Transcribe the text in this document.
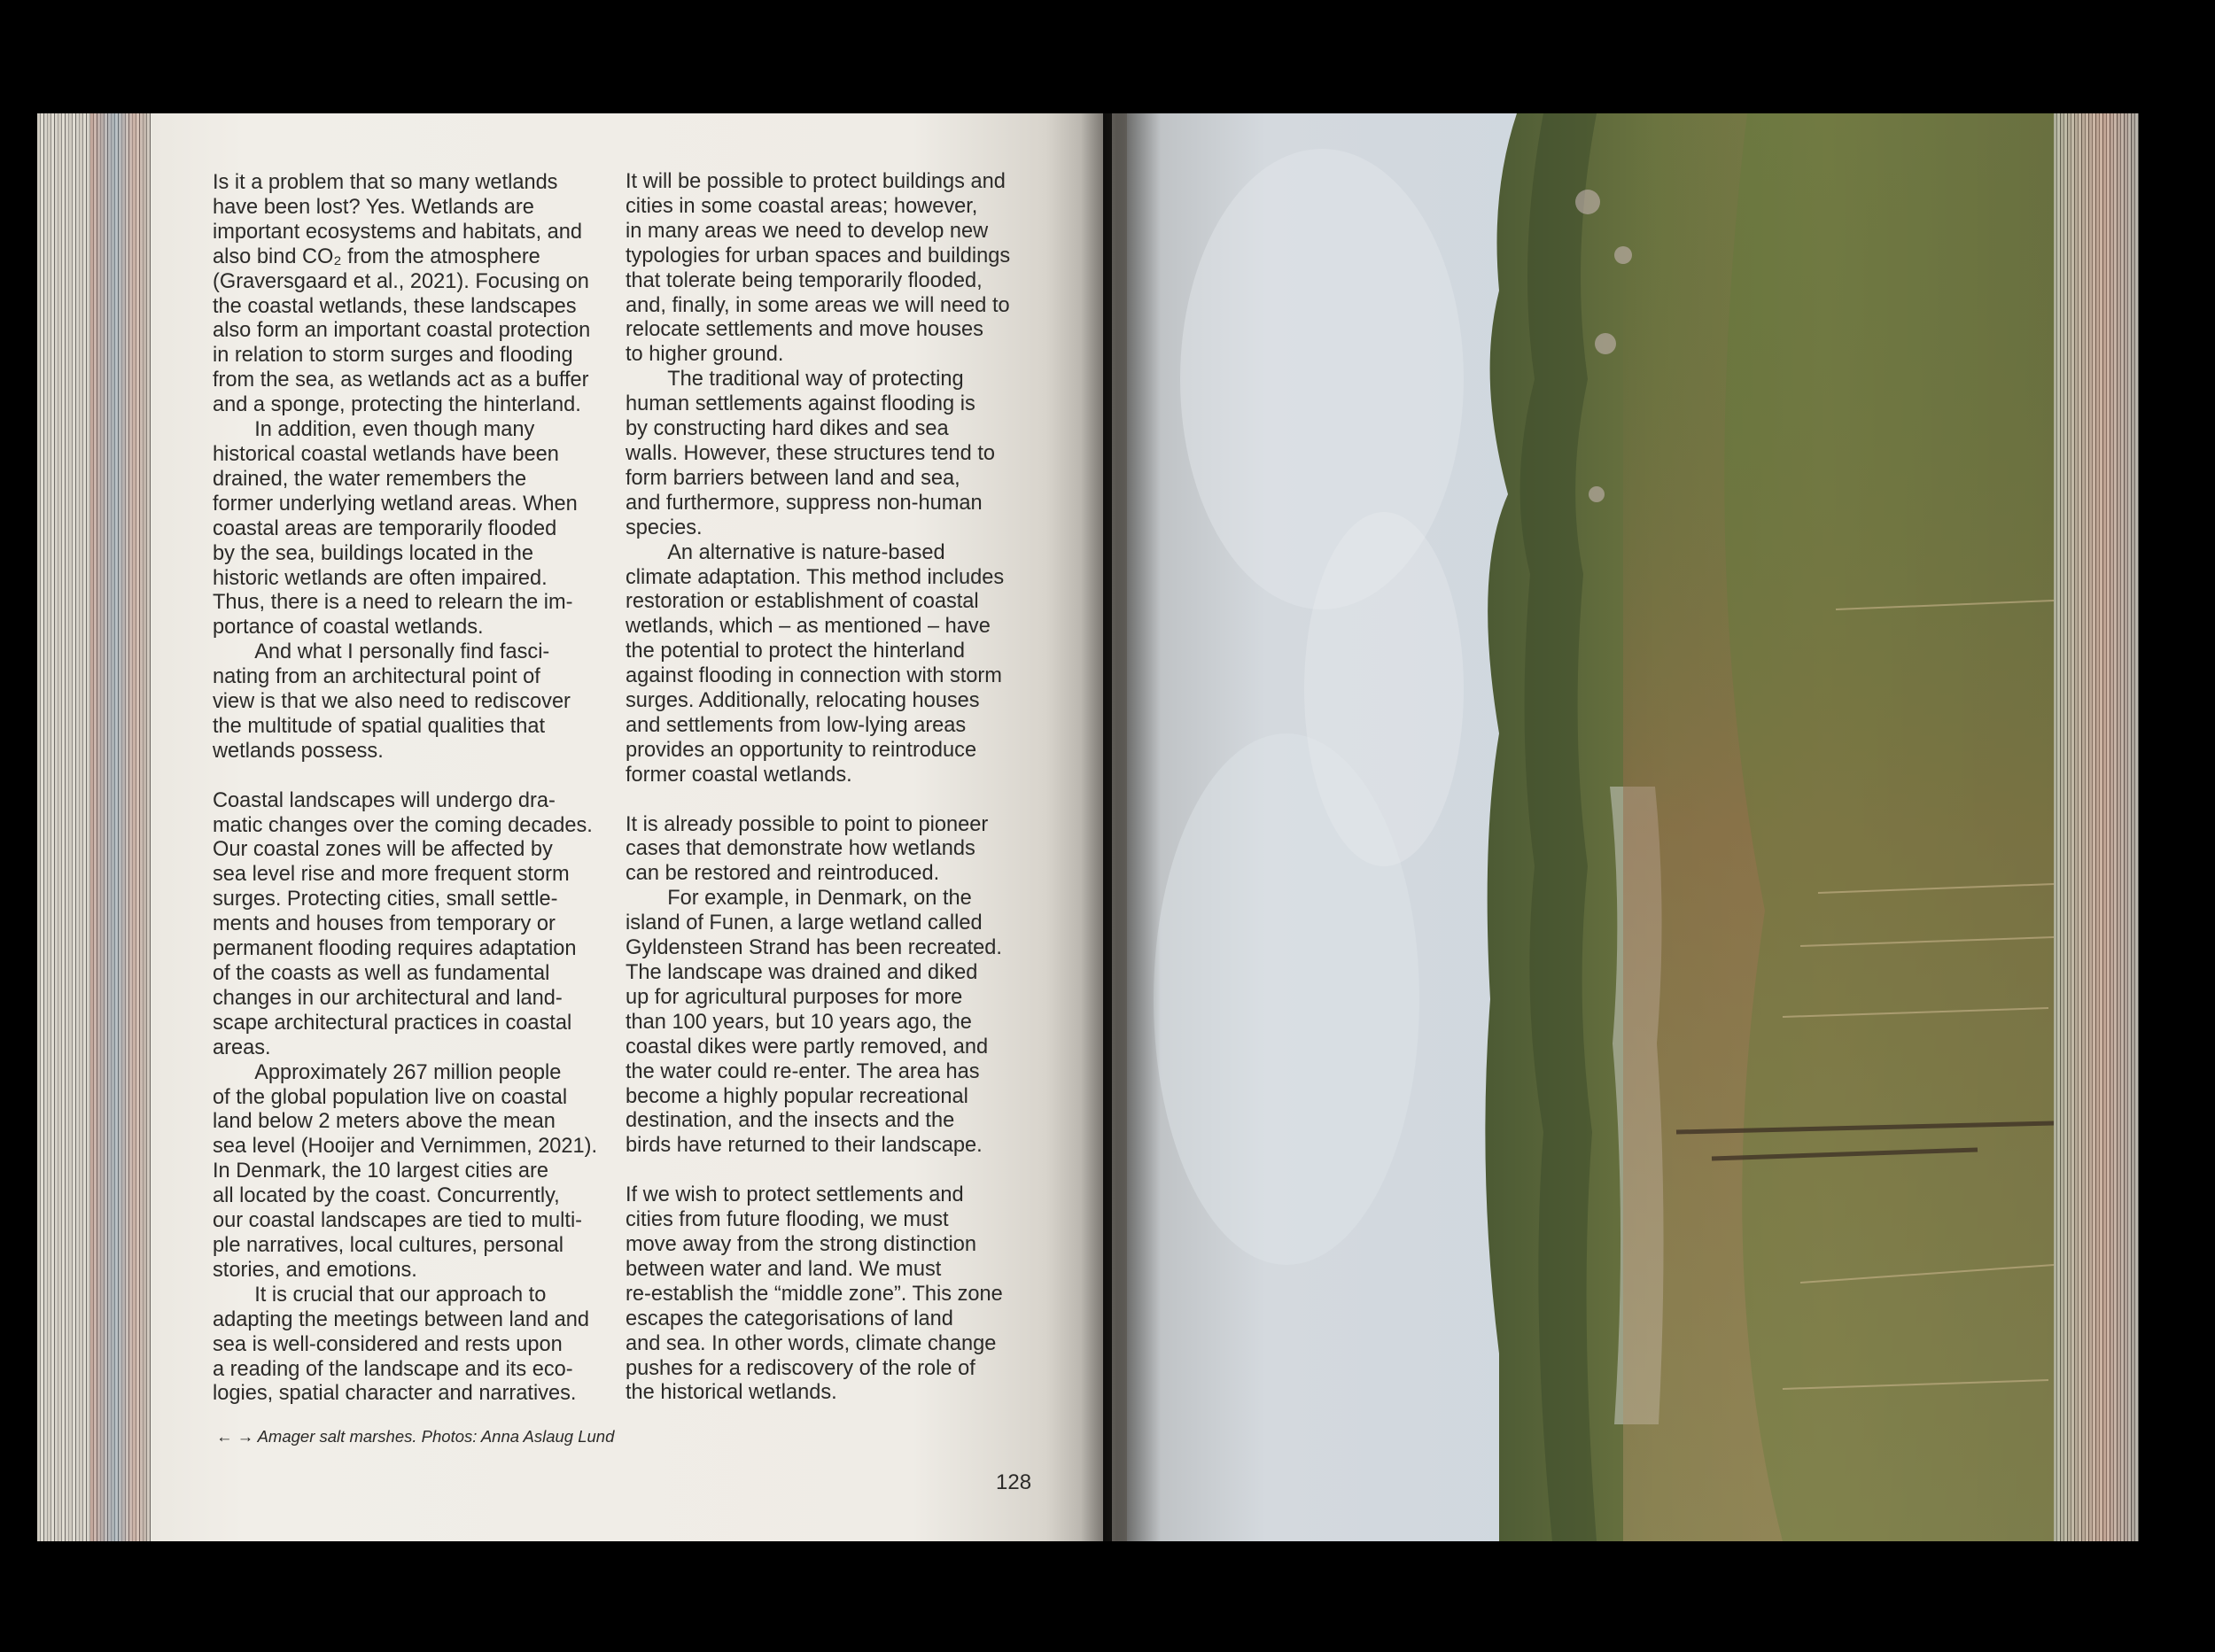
Is it a problem that so many wetlands
have been lost? Yes. Wetlands are
important ecosystems and habitats, and
also bind CO₂ from the atmosphere
(Graversgaard et al., 2021). Focusing on
the coastal wetlands, these landscapes
also form an important coastal protection
in relation to storm surges and flooding
from the sea, as wetlands act as a buffer
and a sponge, protecting the hinterland.
  In addition, even though many
historical coastal wetlands have been
drained, the water remembers the
former underlying wetland areas. When
coastal areas are temporarily flooded
by the sea, buildings located in the
historic wetlands are often impaired.
Thus, there is a need to relearn the im-
portance of coastal wetlands.
  And what I personally find fasci-
nating from an architectural point of
view is that we also need to rediscover
the multitude of spatial qualities that
wetlands possess.

Coastal landscapes will undergo dra-
matic changes over the coming decades.
Our coastal zones will be affected by
sea level rise and more frequent storm
surges. Protecting cities, small settle-
ments and houses from temporary or
permanent flooding requires adaptation
of the coasts as well as fundamental
changes in our architectural and land-
scape architectural practices in coastal
areas.
  Approximately 267 million people
of the global population live on coastal
land below 2 meters above the mean
sea level (Hooijer and Vernimmen, 2021).
In Denmark, the 10 largest cities are
all located by the coast. Concurrently,
our coastal landscapes are tied to multi-
ple narratives, local cultures, personal
stories, and emotions.
  It is crucial that our approach to
adapting the meetings between land and
sea is well-considered and rests upon
a reading of the landscape and its eco-
logies, spatial character and narratives.
It will be possible to protect buildings and
cities in some coastal areas; however,
in many areas we need to develop new
typologies for urban spaces and buildings
that tolerate being temporarily flooded,
and, finally, in some areas we will need to
relocate settlements and move houses
to higher ground.
  The traditional way of protecting
human settlements against flooding is
by constructing hard dikes and sea
walls. However, these structures tend to
form barriers between land and sea,
and furthermore, suppress non-human
species.
  An alternative is nature-based
climate adaptation. This method includes
restoration or establishment of coastal
wetlands, which – as mentioned – have
the potential to protect the hinterland
against flooding in connection with storm
surges. Additionally, relocating houses
and settlements from low-lying areas
provides an opportunity to reintroduce
former coastal wetlands.

It is already possible to point to pioneer
cases that demonstrate how wetlands
can be restored and reintroduced.
  For example, in Denmark, on the
island of Funen, a large wetland called
Gyldensteen Strand has been recreated.
The landscape was drained and diked
up for agricultural purposes for more
than 100 years, but 10 years ago, the
coastal dikes were partly removed, and
the water could re-enter. The area has
become a highly popular recreational
destination, and the insects and the
birds have returned to their landscape.

If we wish to protect settlements and
cities from future flooding, we must
move away from the strong distinction
between water and land. We must
re-establish the “middle zone”. This zone
escapes the categorisations of land
and sea. In other words, climate change
pushes for a rediscovery of the role of
the historical wetlands.
← → Amager salt marshes. Photos: Anna Aslaug Lund
128
